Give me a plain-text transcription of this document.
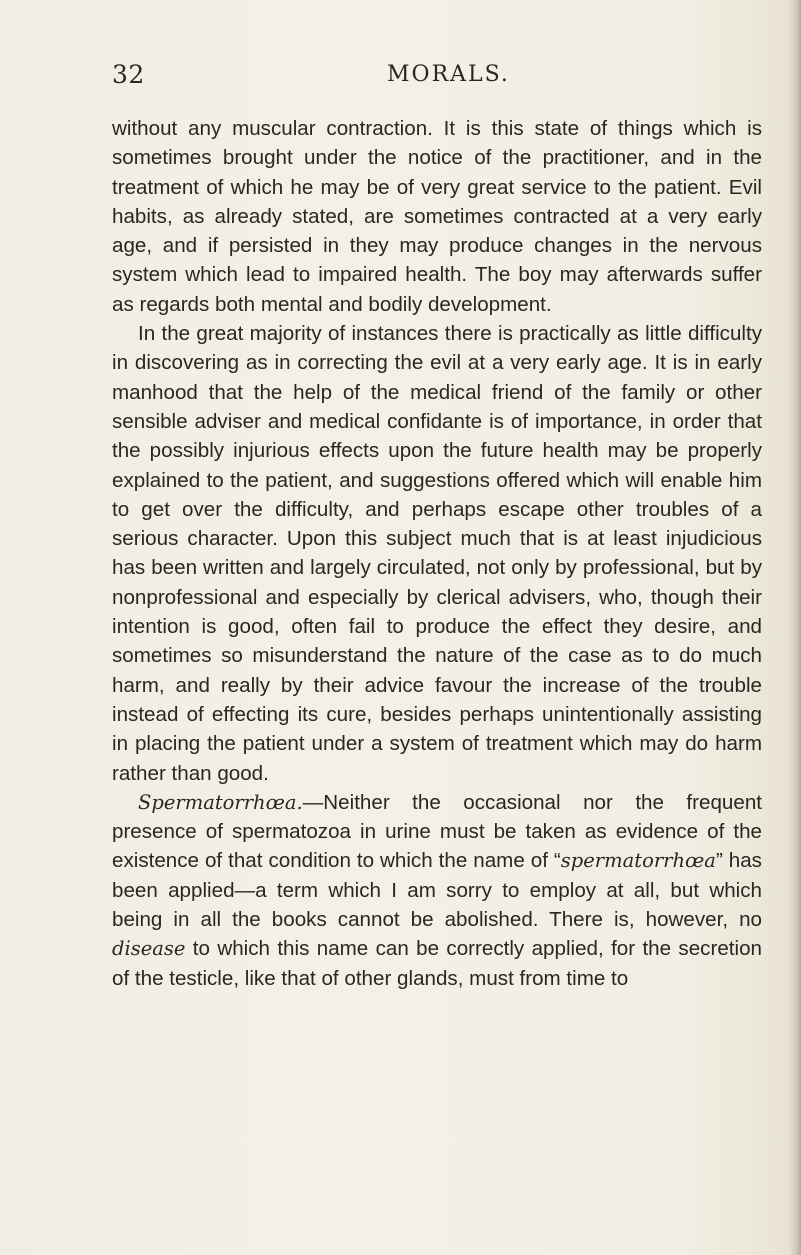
32	MORALS.

without any muscular contraction. It is this state of things which is sometimes brought under the notice of the practitioner, and in the treatment of which he may be of very great service to the patient. Evil habits, as already stated, are sometimes contracted at a very early age, and if persisted in they may produce changes in the nervous system which lead to impaired health. The boy may afterwards suffer as regards both mental and bodily development.

In the great majority of instances there is practically as little difficulty in discovering as in correcting the evil at a very early age. It is in early manhood that the help of the medical friend of the family or other sensible adviser and medical confidante is of importance, in order that the possibly injurious effects upon the future health may be properly explained to the patient, and suggestions offered which will enable him to get over the difficulty, and perhaps escape other troubles of a serious character. Upon this subject much that is at least injudicious has been written and largely circulated, not only by professional, but by nonprofessional and especially by clerical advisers, who, though their intention is good, often fail to produce the effect they desire, and sometimes so misunderstand the nature of the case as to do much harm, and really by their advice favour the increase of the trouble instead of effecting its cure, besides perhaps unintentionally assisting in placing the patient under a system of treatment which may do harm rather than good.

Spermatorrhœa.—Neither the occasional nor the frequent presence of spermatozoa in urine must be taken as evidence of the existence of that condition to which the name of “spermatorrhœa” has been applied—a term which I am sorry to employ at all, but which being in all the books cannot be abolished. There is, however, no disease to which this name can be correctly applied, for the secretion of the testicle, like that of other glands, must from time to
